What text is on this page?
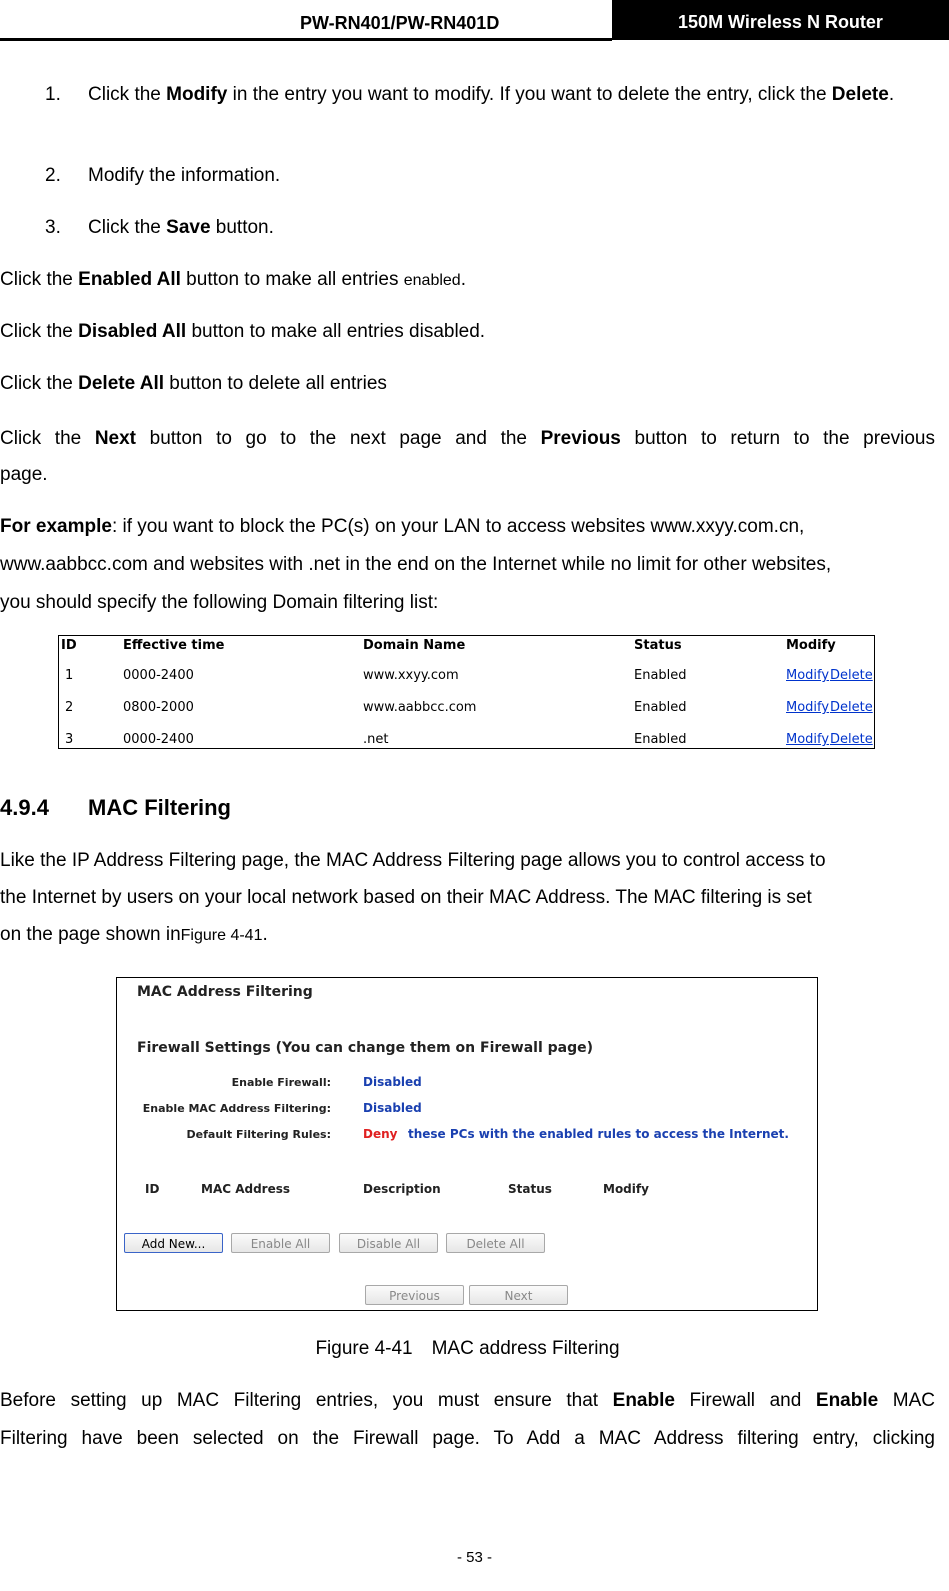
PW-RN401/PW-RN401D	150M Wireless N Router
1. Click the Modify in the entry you want to modify. If you want to delete the entry, click the Delete.
2. Modify the information.
3. Click the Save button.
Click the Enabled All button to make all entries enabled.
Click the Disabled All button to make all entries disabled.
Click the Delete All button to delete all entries
Click the Next button to go to the next page and the Previous button to return to the previous
page.
For example: if you want to block the PC(s) on your LAN to access websites www.xxyy.com.cn,
www.aabbcc.com and websites with .net in the end on the Internet while no limit for other websites,
you should specify the following Domain filtering list:
ID	Effective time	Domain Name	Status	Modify
1	0000-2400	www.xxyy.com	Enabled	Modify Delete
2	0800-2000	www.aabbcc.com	Enabled	Modify Delete
3	0000-2400	.net	Enabled	Modify Delete
4.9.4 MAC Filtering
Like the IP Address Filtering page, the MAC Address Filtering page allows you to control access to
the Internet by users on your local network based on their MAC Address. The MAC filtering is set
on the page shown inFigure 4-41.
MAC Address Filtering
Firewall Settings (You can change them on Firewall page)
Enable Firewall:	Disabled
Enable MAC Address Filtering:	Disabled
Default Filtering Rules:	Deny these PCs with the enabled rules to access the Internet.
ID	MAC Address	Description	Status	Modify
Add New...	Enable All	Disable All	Delete All
Previous	Next
Figure 4-41　MAC address Filtering
Before setting up MAC Filtering entries, you must ensure that Enable Firewall and Enable MAC
Filtering have been selected on the Firewall page. To Add a MAC Address filtering entry, clicking
- 53 -
